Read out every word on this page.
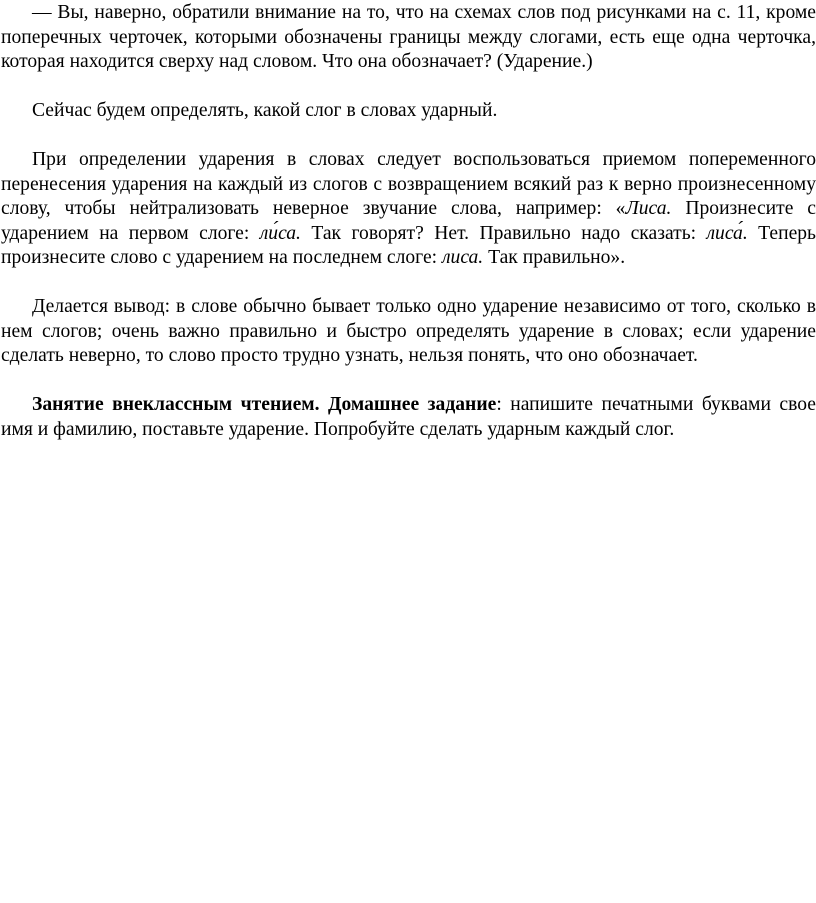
— Вы, наверно, обратили внимание на то, что на схемах слов под рисунками на с. 11, кроме поперечных черточек, которыми обозначены границы между слогами, есть еще одна черточка, которая находится сверху над словом. Что она обозначает? (Ударение.)

Сейчас будем определять, какой слог в словах ударный.

При определении ударения в словах следует воспользоваться приемом попеременного перенесения ударения на каждый из слогов с возвращением всякий раз к верно произнесенному слову, чтобы нейтрализовать неверное звучание слова, например: «Лиса. Произнесите с ударением на первом слоге: ли́са. Так говорят? Нет. Правильно надо сказать: лиса́. Теперь произнесите слово с ударением на последнем слоге: лиса. Так правильно».

Делается вывод: в слове обычно бывает только одно ударение независимо от того, сколько в нем слогов; очень важно правильно и быстро определять ударение в словах; если ударение сделать неверно, то слово просто трудно узнать, нельзя понять, что оно обозначает.

Занятие внеклассным чтением. Домашнее задание: напишите печатными буквами свое имя и фамилию, поставьте ударение. Попробуйте сделать ударным каждый слог.
